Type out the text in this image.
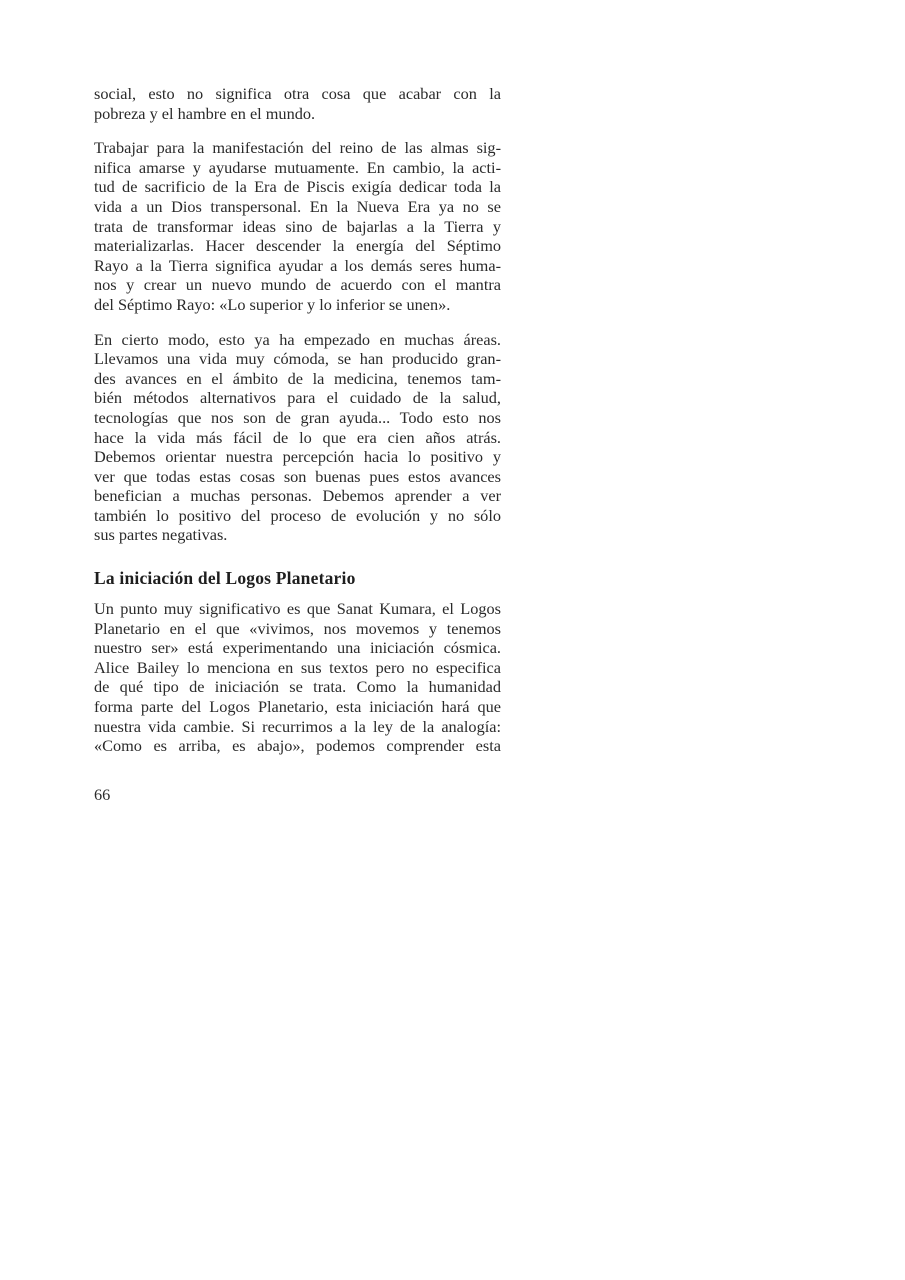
social, esto no significa otra cosa que acabar con la
pobreza y el hambre en el mundo.
Trabajar para la manifestación del reino de las almas sig-
nifica amarse y ayudarse mutuamente. En cambio, la acti-
tud de sacrificio de la Era de Piscis exigía dedicar toda la
vida a un Dios transpersonal. En la Nueva Era ya no se
trata de transformar ideas sino de bajarlas a la Tierra y
materializarlas. Hacer descender la energía del Séptimo
Rayo a la Tierra significa ayudar a los demás seres huma-
nos y crear un nuevo mundo de acuerdo con el mantra
del Séptimo Rayo: «Lo superior y lo inferior se unen».
En cierto modo, esto ya ha empezado en muchas áreas.
Llevamos una vida muy cómoda, se han producido gran-
des avances en el ámbito de la medicina, tenemos tam-
bién métodos alternativos para el cuidado de la salud,
tecnologías que nos son de gran ayuda... Todo esto nos
hace la vida más fácil de lo que era cien años atrás.
Debemos orientar nuestra percepción hacia lo positivo y
ver que todas estas cosas son buenas pues estos avances
benefician a muchas personas. Debemos aprender a ver
también lo positivo del proceso de evolución y no sólo
sus partes negativas.
La iniciación del Logos Planetario
Un punto muy significativo es que Sanat Kumara, el Logos
Planetario en el que «vivimos, nos movemos y tenemos
nuestro ser» está experimentando una iniciación cósmica.
Alice Bailey lo menciona en sus textos pero no especifica
de qué tipo de iniciación se trata. Como la humanidad
forma parte del Logos Planetario, esta iniciación hará que
nuestra vida cambie. Si recurrimos a la ley de la analogía:
«Como es arriba, es abajo», podemos comprender esta
66
